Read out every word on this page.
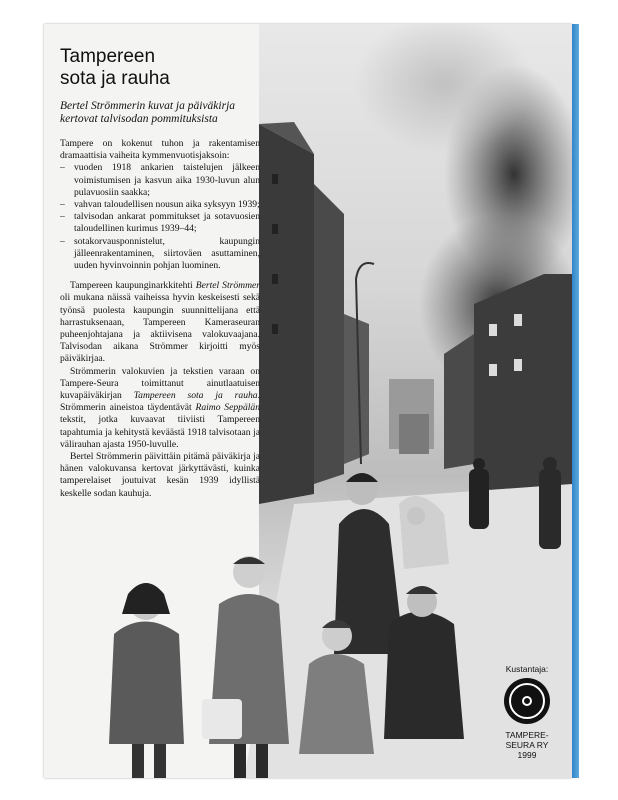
Tampereen
sota ja rauha

Bertel Strömmerin kuvat ja päiväkirja kertovat talvisodan pommituksista

Tampere on kokenut tuhon ja rakentamisen dramaattisia vaiheita kymmenvuotisjaksoin:

– vuoden 1918 ankarien taistelujen jälkeen voimistumisen ja kasvun aika 1930-luvun alun pulavuosiin saakka;
– vahvan taloudellisen nousun aika syksyyn 1939;
– talvisodan ankarat pommitukset ja sotavuosien taloudellinen kurimus 1939–44;
– sotakorvausponnistelut, kaupungin jälleenrakentaminen, siirtoväen asuttaminen, uuden hyvinvoinnin pohjan luominen.

Tampereen kaupunginarkkitehti Bertel Strömmer oli mukana näissä vaiheissa hyvin keskeisesti sekä työnsä puolesta kaupungin suunnittelijana että harrastuksenaan, Tampereen Kameraseuran puheenjohtajana ja aktiivisena valokuvaajana. Talvisodan aikana Strömmer kirjoitti myös päiväkirjaa.

Strömmerin valokuvien ja tekstien varaan on Tampere-Seura toimittanut ainutlaatuisen kuvapäiväkirjan Tampereen sota ja rauha. Strömmerin aineistoa täydentävät Raimo Seppälän tekstit, jotka kuvaavat tiiviisti Tampereen tapahtumia ja kehitystä keväästä 1918 talvisotaan ja välirauhan ajasta 1950-luvulle.

Bertel Strömmerin päivittäin pitämä päiväkirja ja hänen valokuvansa kertovat järkyttävästi, kuinka tamperelaiset joutuivat kesän 1939 idyllistä keskelle sodan kauhuja.

Kustantaja:
TAMPERE-
SEURA RY
1999
